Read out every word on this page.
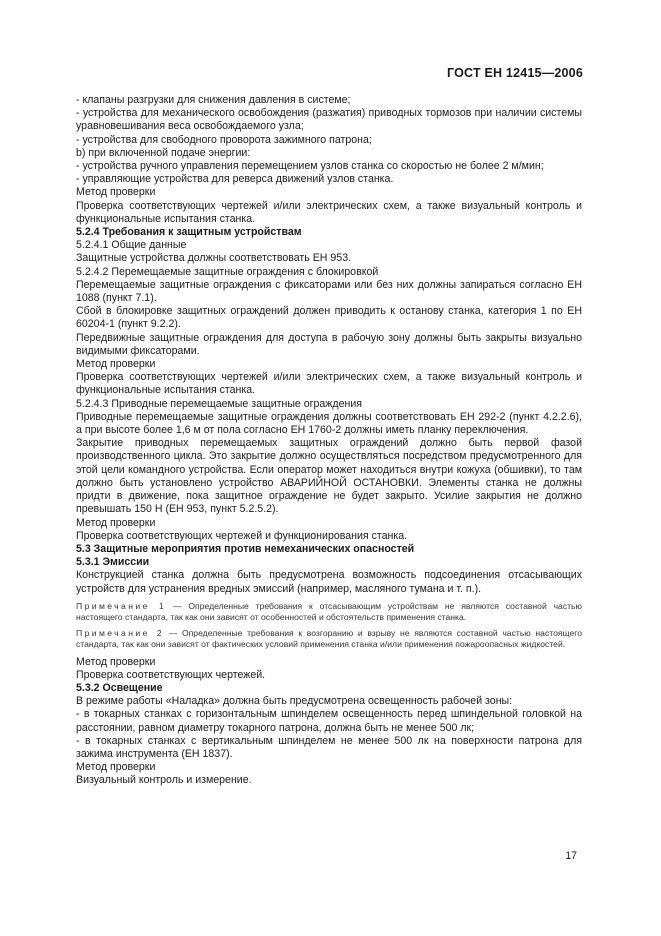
ГОСТ ЕН 12415—2006

- клапаны разгрузки для снижения давления в системе;

- устройства для механического освобождения (разжатия) приводных тормозов при наличии системы уравновешивания веса освобождаемого узла;

- устройства для свободного проворота зажимного патрона;

b) при включенной подаче энергии:

- устройства ручного управления перемещением узлов станка со скоростью не более 2 м/мин;

- управляющие устройства для реверса движений узлов станка.

Метод проверки

Проверка соответствующих чертежей и/или электрических схем, а также визуальный контроль и функциональные испытания станка.

5.2.4 Требования к защитным устройствам

5.2.4.1 Общие данные

Защитные устройства должны соответствовать ЕН 953.

5.2.4.2 Перемещаемые защитные ограждения с блокировкой

Перемещаемые защитные ограждения с фиксаторами или без них должны запираться согласно ЕН 1088 (пункт 7.1).

Сбой в блокировке защитных ограждений должен приводить к останову станка, категория 1 по ЕН 60204-1 (пункт 9.2.2).

Передвижные защитные ограждения для доступа в рабочую зону должны быть закрыты визуально видимыми фиксаторами.

Метод проверки

Проверка соответствующих чертежей и/или электрических схем, а также визуальный контроль и функциональные испытания станка.

5.2.4.3 Приводные перемещаемые защитные ограждения

Приводные перемещаемые защитные ограждения должны соответствовать ЕН 292-2 (пункт 4.2.2.6), а при высоте более 1,6 м от пола согласно ЕН 1760-2 должны иметь планку переключения.

Закрытие приводных перемещаемых защитных ограждений должно быть первой фазой производственного цикла. Это закрытие должно осуществляться посредством предусмотренного для этой цели командного устройства. Если оператор может находиться внутри кожуха (обшивки), то там должно быть установлено устройство АВАРИЙНОЙ ОСТАНОВКИ. Элементы станка не должны придти в движение, пока защитное ограждение не будет закрыто. Усилие закрытия не должно превышать 150 Н (ЕН 953, пункт 5.2.5.2).

Метод проверки

Проверка соответствующих чертежей и функционирования станка.

5.3 Защитные мероприятия против немеханических опасностей

5.3.1 Эмиссии

Конструкцией станка должна быть предусмотрена возможность подсоединения отсасывающих устройств для устранения вредных эмиссий (например, масляного тумана и т. п.).

Примечание 1 — Определенные требования к отсасывающим устройствам не являются составной частью настоящего стандарта, так как они зависят от особенностей и обстоятельств применения станка.

Примечание 2 — Определенные требования к возгоранию и взрыву не являются составной частью настоящего стандарта, так как они зависят от фактических условий применения станка и/или применения пожароопасных жидкостей.

Метод проверки

Проверка соответствующих чертежей.

5.3.2 Освещение

В режиме работы «Наладка» должна быть предусмотрена освещенность рабочей зоны:

- в токарных станках с горизонтальным шпинделем освещенность перед шпиндельной головкой на расстоянии, равном диаметру токарного патрона, должна быть не менее 500 лк;

- в токарных станках с вертикальным шпинделем не менее 500 лк на поверхности патрона для зажима инструмента (ЕН 1837).

Метод проверки

Визуальный контроль и измерение.

17
